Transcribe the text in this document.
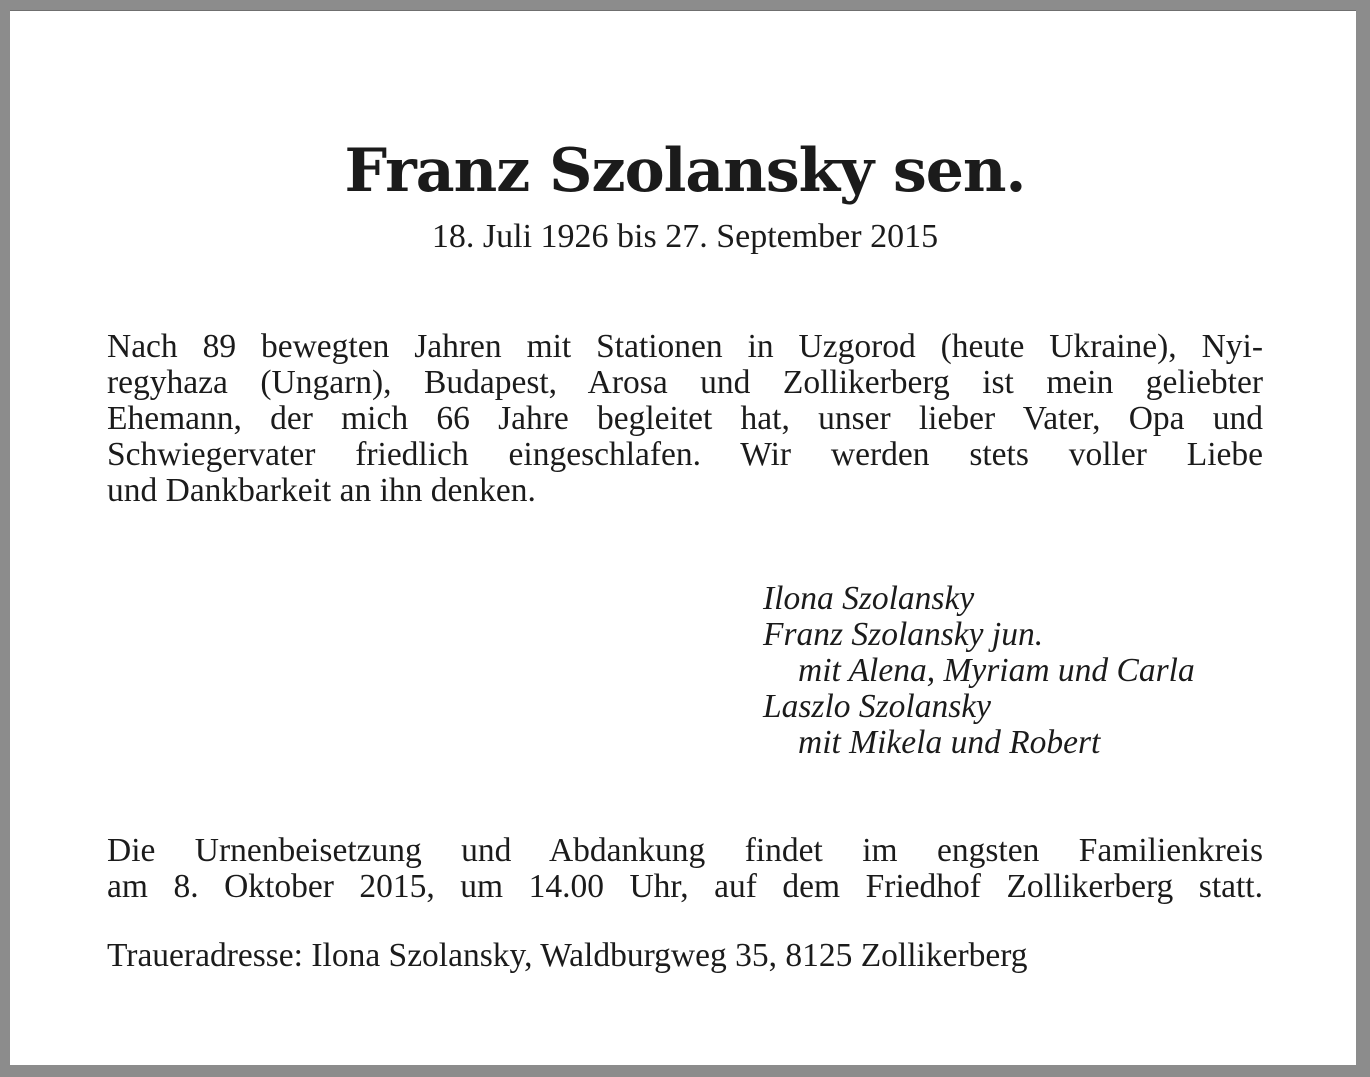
Franz Szolansky sen.
18. Juli 1926 bis 27. September 2015

Nach 89 bewegten Jahren mit Stationen in Uzgorod (heute Ukraine), Nyi-
regyhaza (Ungarn), Budapest, Arosa und Zollikerberg ist mein geliebter
Ehemann, der mich 66 Jahre begleitet hat, unser lieber Vater, Opa und
Schwiegervater friedlich eingeschlafen. Wir werden stets voller Liebe
und Dankbarkeit an ihn denken.

Ilona Szolansky
Franz Szolansky jun.
mit Alena, Myriam und Carla
Laszlo Szolansky
mit Mikela und Robert
Die Urnenbeisetzung und Abdankung findet im engsten Familienkreis
am 8. Oktober 2015, um 14.00 Uhr, auf dem Friedhof Zollikerberg statt.
Traueradresse: Ilona Szolansky, Waldburgweg 35, 8125 Zollikerberg
